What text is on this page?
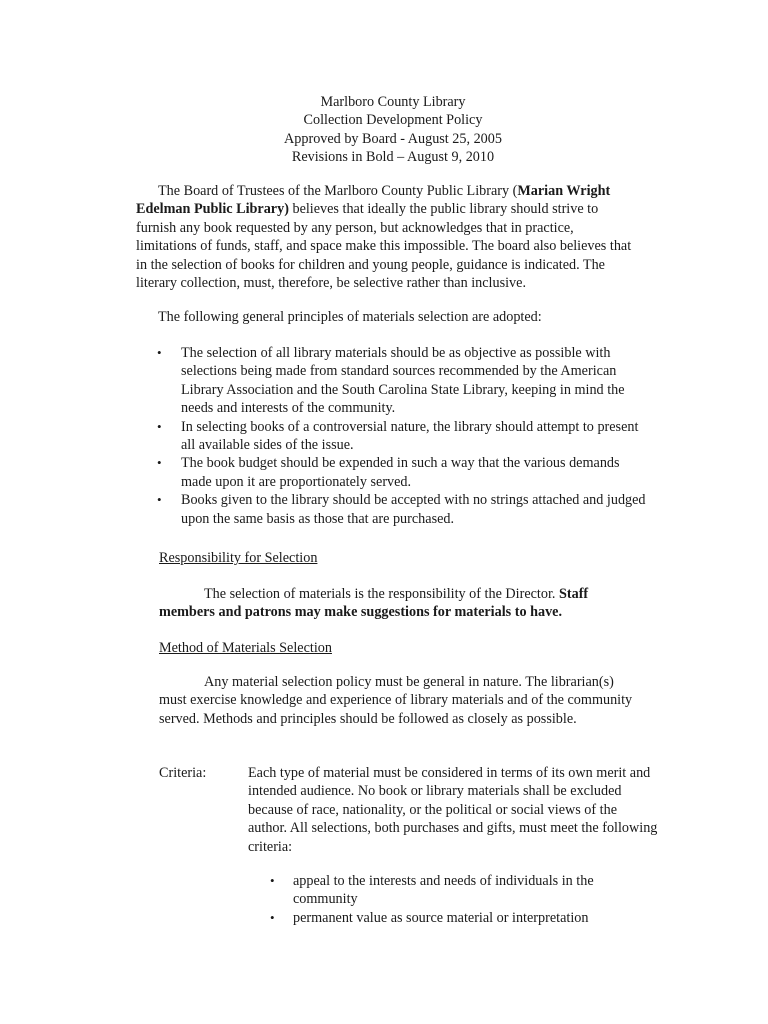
Marlboro County Library
Collection Development Policy
Approved by Board - August 25, 2005
Revisions in Bold – August 9, 2010

The Board of Trustees of the Marlboro County Public Library (Marian Wright Edelman Public Library) believes that ideally the public library should strive to furnish any book requested by any person, but acknowledges that in practice, limitations of funds, staff, and space make this impossible. The board also believes that in the selection of books for children and young people, guidance is indicated. The literary collection, must, therefore, be selective rather than inclusive.

The following general principles of materials selection are adopted:

• The selection of all library materials should be as objective as possible with selections being made from standard sources recommended by the American Library Association and the South Carolina State Library, keeping in mind the needs and interests of the community.
• In selecting books of a controversial nature, the library should attempt to present all available sides of the issue.
• The book budget should be expended in such a way that the various demands made upon it are proportionately served.
• Books given to the library should be accepted with no strings attached and judged upon the same basis as those that are purchased.
Responsibility for Selection

The selection of materials is the responsibility of the Director. Staff members and patrons may make suggestions for materials to have.

Method of Materials Selection

Any material selection policy must be general in nature. The librarian(s) must exercise knowledge and experience of library materials and of the community served. Methods and principles should be followed as closely as possible.

Criteria:	Each type of material must be considered in terms of its own merit and intended audience. No book or library materials shall be excluded because of race, nationality, or the political or social views of the author. All selections, both purchases and gifts, must meet the following criteria:

• appeal to the interests and needs of individuals in the community
• permanent value as source material or interpretation
